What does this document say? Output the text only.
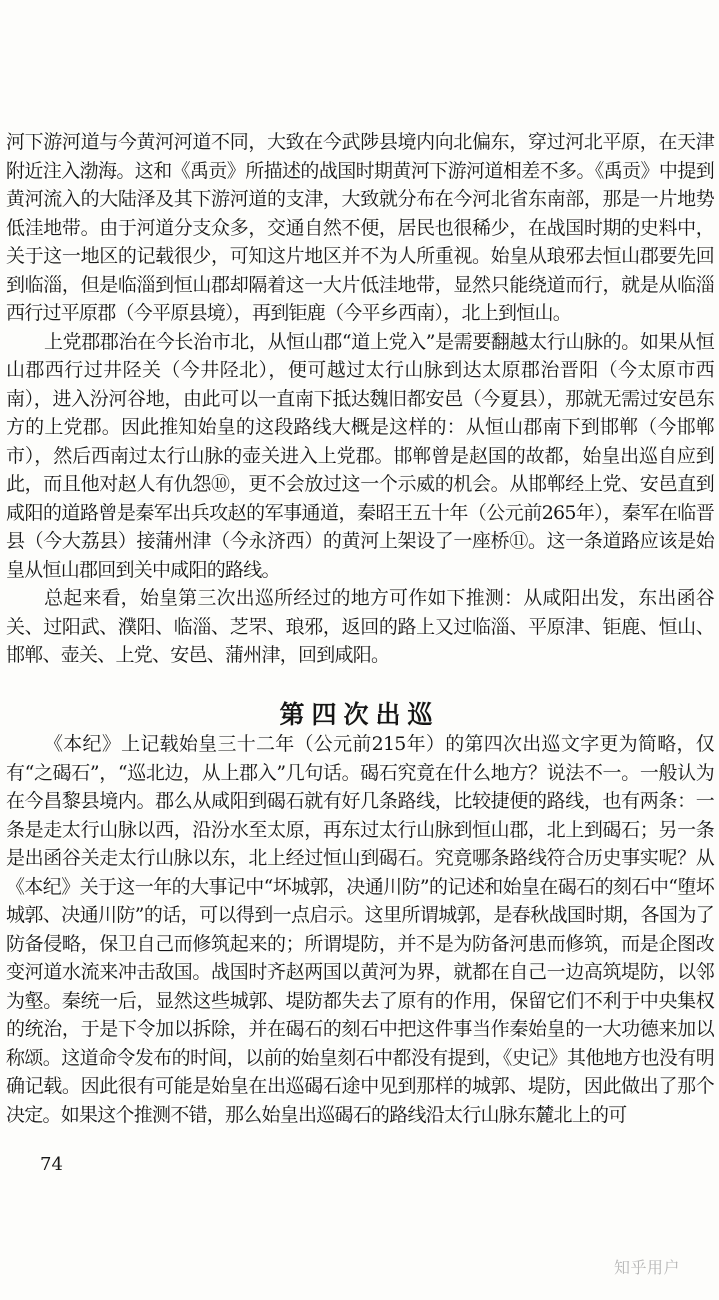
河下游河道与今黄河河道不同，大致在今武陟县境内向北偏东，穿过河北平原，在天津附近注入渤海。这和《禹贡》所描述的战国时期黄河下游河道相差不多。《禹贡》中提到黄河流入的大陆泽及其下游河道的支津，大致就分布在今河北省东南部，那是一片地势低洼地带。由于河道分支众多，交通自然不便，居民也很稀少，在战国时期的史料中，关于这一地区的记载很少，可知这片地区并不为人所重视。始皇从琅邪去恒山郡要先回到临淄，但是临淄到恒山郡却隔着这一大片低洼地带，显然只能绕道而行，就是从临淄西行过平原郡（今平原县境），再到钜鹿（今平乡西南），北上到恒山。

上党郡郡治在今长治市北，从恒山郡“道上党入”是需要翻越太行山脉的。如果从恒山郡西行过井陉关（今井陉北），便可越过太行山脉到达太原郡治晋阳（今太原市西南），进入汾河谷地，由此可以一直南下抵达魏旧都安邑（今夏县），那就无需过安邑东方的上党郡。因此推知始皇的这段路线大概是这样的：从恒山郡南下到邯郸（今邯郸市），然后西南过太行山脉的壶关进入上党郡。邯郸曾是赵国的故都，始皇出巡自应到此，而且他对赵人有仇怨⑩，更不会放过这一个示威的机会。从邯郸经上党、安邑直到咸阳的道路曾是秦军出兵攻赵的军事通道，秦昭王五十年（公元前265年），秦军在临晋县（今大荔县）接蒲州津（今永济西）的黄河上架设了一座桥⑪。这一条道路应该是始皇从恒山郡回到关中咸阳的路线。

总起来看，始皇第三次出巡所经过的地方可作如下推测：从咸阳出发，东出函谷关、过阳武、濮阳、临淄、芝罘、琅邪，返回的路上又过临淄、平原津、钜鹿、恒山、邯郸、壶关、上党、安邑、蒲州津，回到咸阳。

第四次出巡

《本纪》上记载始皇三十二年（公元前215年）的第四次出巡文字更为简略，仅有“之碣石”，“巡北边，从上郡入”几句话。碣石究竟在什么地方？说法不一。一般认为在今昌黎县境内。郡么从咸阳到碣石就有好几条路线，比较捷便的路线，也有两条：一条是走太行山脉以西，沿汾水至太原，再东过太行山脉到恒山郡，北上到碣石；另一条是出函谷关走太行山脉以东，北上经过恒山到碣石。究竟哪条路线符合历史事实呢？从《本纪》关于这一年的大事记中“坏城郭，决通川防”的记述和始皇在碣石的刻石中“堕坏城郭、决通川防”的话，可以得到一点启示。这里所谓城郭，是春秋战国时期，各国为了防备侵略，保卫自己而修筑起来的；所谓堤防，并不是为防备河患而修筑，而是企图改变河道水流来冲击敌国。战国时齐赵两国以黄河为界，就都在自己一边高筑堤防，以邻为壑。秦统一后，显然这些城郭、堤防都失去了原有的作用，保留它们不利于中央集权的统治，于是下令加以拆除，并在碣石的刻石中把这件事当作秦始皇的一大功德来加以称颂。这道命令发布的时间，以前的始皇刻石中都没有提到，《史记》其他地方也没有明确记载。因此很有可能是始皇在出巡碣石途中见到那样的城郭、堤防，因此做出了那个决定。如果这个推测不错，那么始皇出巡碣石的路线沿太行山脉东麓北上的可

74
知乎用户
